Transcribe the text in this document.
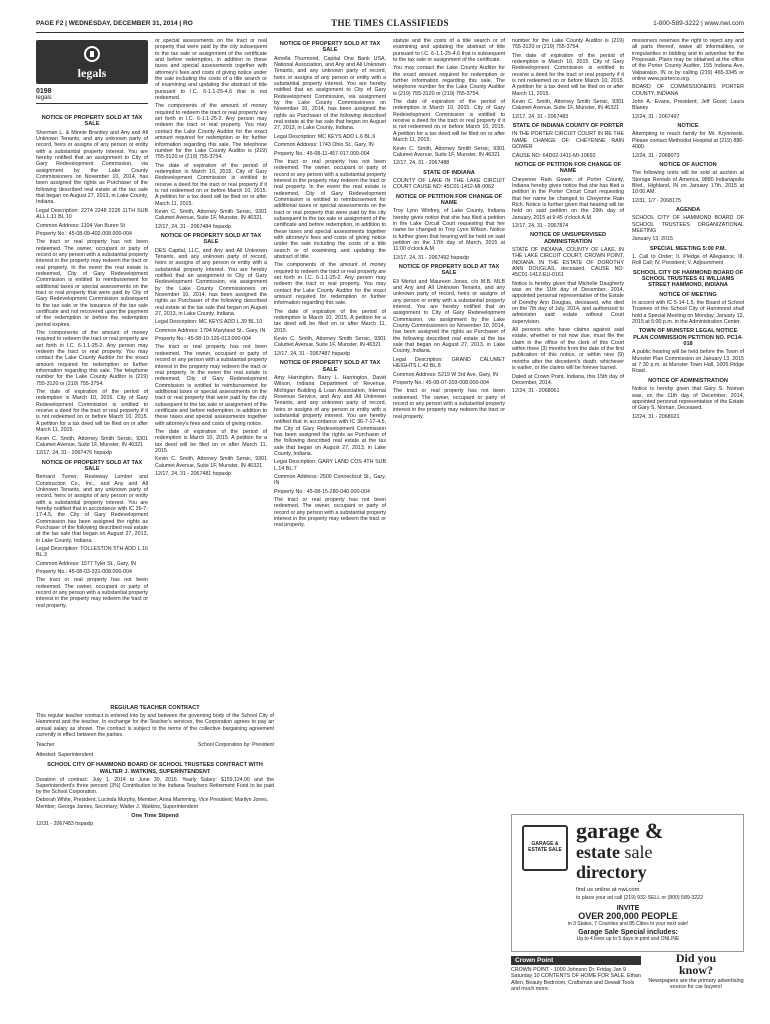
PAGE F2 | WEDNESDAY, DECEMBER 31, 2014 | RO	THE TIMES CLASSIFIEDS	1-800-589-3222 | www.nwi.com
legals
0198
legals

NOTICE OF PROPERTY SOLD AT TAX SALE

Sherman L. & Minnie Brantley and Any and All Unknown Tenants, and any unknown party of record, heirs or assigns of any person or entity with a substantial property interest. You are hereby notified that an assignment to City of Gary Redevelopment Commission, via assignment by the Lake County Commissioners on November 10, 2014, has been assigned the rights as Purchaser of the following described real estate at the tax sale that began on August 27, 2013, in Lake County, Indiana.

Legal Description: 2274 2248 2226 11TH SUB ALL L.11 BL 10

Common Address: 1104 Van Buren St

Property No.: 45-08-09-402-008.000-004

The tract or real property has not been redeemed. The owner, occupant or party of record or any person with a substantial property interest in the property may redeem the tract or real property. In the event the real estate is redeemed, City of Gary Redevelopment Commission is entitled to reimbursement for additional taxes or special assessments on the tract or real property that were paid by City of Gary Redevelopment Commission subsequent to the tax sale or the issuance of the tax sale certificate and not recovered upon the payment of the redemption or before the redemption period expires.

The components of the amount of money required to redeem the tract or real property are set forth in I.C. 6-1.1-25-2. Any person may redeem the tract or real property. You may contact the Lake County Auditor for the exact amount required for redemption or further information regarding this sale. The telephone number for the Lake County Auditor is (219) 755-3120 or (219) 755-3754.

The date of expiration of the period of redemption is March 10, 2015. City of Gary Redevelopment Commission is entitled to receive a deed for the tract or real property if it is not redeemed on or before March 10, 2015. A petition for a tax deed will be filed on or after March 11, 2015.

Kevin C. Smith, Attorney Smith Sersic, 9301 Calumet Avenue, Suite 1F, Munster, IN 46321

12/17, 24, 31 - 2067476 hspaxlp

NOTICE OF PROPERTY SOLD AT TAX SALE

Bernard Turner, Resleway Lumber and Construction Co., Inc., and Any and All Unknown Tenants, and any unknown party of record, heirs or assigns of any person or entity with a substantial property interest. You are hereby notified that in accordance with IC 36-7-17-4.5, the City of Gary Redevelopment Commission has been assigned the rights as Purchaser of the following described real estate at the tax sale that began on August 27, 2013, in Lake County, Indiana.

Legal Description: TOLLESTON 5TH ADD L.16 BL.3

Common Address: 1577 Tyler St., Gary, IN

Property No.: 45-08-03-331-008.000-004

The tract or real property has not been redeemed. The owner, occupant or party of record or any person with a substantial property interest in the property may redeem the tract or real property.

or special assessments on the tract or real property that were paid by the city subsequent to the tax sale or assignment of the certificate and before redemption, in addition to these taxes and special assessments together with attorney's fees and costs of giving notice under the sale including the costs of a title search or of examining and updating the abstract of title pursuant to I.C. 6-1.1-25-4.6 that is not redeemed.

The components of the amount of money required to redeem the tract or real property are set forth in I.C. 6-1.1-25-2. Any person may redeem the tract or real property. You may contact the Lake County Auditor for the exact amount required for redemption or for further information regarding this sale. The telephone number for the Lake County Auditor is (219) 755-3120 or (219) 755-3754.

The date of expiration of the period of redemption is March 10, 2015. City of Gary Redevelopment Commission is entitled to receive a deed for the tract or real property if it is not redeemed on or before March 10, 2015. A petition for a tax deed will be filed on or after March 11, 2015.

Kevin C. Smith, Attorney Smith Sersic, 9301 Calumet Avenue, Suite 1F, Munster, IN 46321

12/17, 24, 31 - 2067484 hspaxlp

NOTICE OF PROPERTY SOLD AT TAX SALE

DES Capital, LLC, and Any and All Unknown Tenants, and any unknown party of record, heirs or assigns of any person or entity with a substantial property interest. You are hereby notified that an assignment to City of Gary Redevelopment Commission, via assignment by the Lake County Commissioners on November 10, 2014, has been assigned the rights as Purchaser of the following described real estate at the tax sale that began on August 27, 2013, in Lake County, Indiana.

Legal Description: MC KEYS ADD L.39 BL.10

Common Address: 1794 Maryland St., Gary, IN

Property No.: 45-08-10-126-013.000-004

The tract or real property has not been redeemed. The owner, occupant or party of record or any person with a substantial property interest in the property may redeem the tract or real property. In the event the real estate is redeemed, City of Gary Redevelopment Commission is entitled to reimbursement for additional taxes or special assessments on the tract or real property that were paid by the city subsequent to the tax sale or assignment of the certificate and before redemption, in addition to these taxes and special assessments together with attorney's fees and costs of giving notice.

The date of expiration of the period of redemption is March 10, 2015. A petition for a tax deed will be filed on or after March 11, 2015.

Kevin C. Smith, Attorney Smith Sersic, 9301 Calumet Avenue, Suite 1F, Munster, IN 46321

12/17, 24, 31 - 2067481 hspaxlp

NOTICE OF PROPERTY SOLD AT TAX SALE

Arnella Thurmond, Capital One Bank USA, National Association, and Any and All Unknown Tenants, and any unknown party of record, heirs or assigns of any person or entity with a substantial property interest. You are hereby notified that an assignment to City of Gary Redevelopment Commission, via assignment by the Lake County Commissioners on November 10, 2014, has been assigned the rights as Purchaser of the following described real estate at the tax sale that began on August 27, 2013, in Lake County, Indiana.

Legal Description: MC KEYS ADD L.6 BL.6

Common Address: 1743 Ohio St., Gary, IN

Property No.: 45-08-11-457-017.000-004

The tract or real property has not been redeemed. The owner, occupant or party of record or any person with a substantial property interest in the property may redeem the tract or real property. In the event the real estate is redeemed, City of Gary Redevelopment Commission is entitled to reimbursement for additional taxes or special assessments on the tract or real property that were paid by the city subsequent to the tax sale or assignment of the certificate and before redemption, in addition to these taxes and special assessments together with attorney's fees and costs of giving notice under the sale including the costs of a title search or of examining and updating the abstract of title.

The components of the amount of money required to redeem the tract or real property are set forth in I.C. 6-1.1-25-2. Any person may redeem the tract or real property. You may contact the Lake County Auditor for the exact amount required for redemption or further information regarding this sale.

The date of expiration of the period of redemption is March 10, 2015. A petition for a tax deed will be filed on or after March 11, 2015.

Kevin C. Smith, Attorney Smith Sersic, 9301 Calumet Avenue, Suite 1F, Munster, IN 46321

12/17, 24, 31 - 2067487 hspaxlp

NOTICE OF PROPERTY SOLD AT TAX SALE

Amy Harrington, Barry L. Harrington, David Wilson, Indiana Department of Revenue, Michigan Building & Loan Association, Internal Revenue Service, and Any and All Unknown Tenants, and any unknown party of record, heirs or assigns of any person or entity with a substantial property interest. You are hereby notified that in accordance with IC 36-7-17-4.5, the City of Gary Redevelopment Commission has been assigned the rights as Purchaser of the following described real estate at the tax sale that began on August 27, 2013, in Lake County, Indiana.

Legal Description: GARY LAND COS 4TH SUB L.14 BL.7

Common Address: 2500 Connecticut St., Gary, IN

Property No.: 45-08-15-280-040.000-004

The tract or real property has not been redeemed. The owner, occupant or party of record or any person with a substantial property interest in the property may redeem the tract or real property.

statute and the costs of a title search or of examining and updating the abstract of title pursuant to I.C. 6-1.1-25-4.6 that is subsequent to the tax sale or assignment of the certificate.

You may contact the Lake County Auditor for the exact amount required for redemption or further information regarding this sale. The telephone number for the Lake County Auditor is (219) 755-3120 or (219) 755-3754.

The date of expiration of the period of redemption is March 10, 2015. City of Gary Redevelopment Commission is entitled to receive a deed for the tract or real property if it is not redeemed on or before March 10, 2015. A petition for a tax deed will be filed on or after March 11, 2015.

Kevin C. Smith, Attorney Smith Sersic, 9301 Calumet Avenue, Suite 1F, Munster, IN 46321

12/17, 24, 31 - 2067488

STATE OF INDIANA

COUNTY OF LAKE IN THE LAKE CIRCUIT COURT CAUSE NO: 45C01-1412-MI-0062

NOTICE OF PETITION FOR CHANGE OF NAME

Troy Lynn Winfrey, of Lake County, Indiana hereby gives notice that she has filed a petition in the Lake Circuit Court requesting that her name be changed to Troy Lynn Wilson. Notice is further given that hearing will be held on said petition on the 17th day of March, 2015 at 11:00 o'clock A.M.

12/17, 24, 31 - 2067492 hspaxlp

NOTICE OF PROPERTY SOLD AT TAX SALE

Eli Merlut and Maureen Jones, c/o M.B. MLB and Any and All Unknown Tenants, and any unknown party of record, heirs or assigns of any person or entity with a substantial property interest. You are hereby notified that an assignment to City of Gary Redevelopment Commission, via assignment by the Lake County Commissioners on November 10, 2014, has been assigned the rights as Purchaser of the following described real estate at the tax sale that began on August 27, 2013, in Lake County, Indiana.

Legal Description: GRAND CALUMET HEIGHTS L.42 BL.8

Common Address: 5219 W 3rd Ave, Gary, IN

Property No.: 45-08-07-203-008.000-004

The tract or real property has not been redeemed. The owner, occupant or party of record or any person with a substantial property interest in the property may redeem the tract or real property.

number for the Lake County Auditor is (219) 755-3120 or (219) 755-3754.

The date of expiration of the period of redemption is March 10, 2015. City of Gary Redevelopment Commission is entitled to receive a deed for the tract or real property if it is not redeemed on or before March 10, 2015. A petition for a tax deed will be filed on or after March 11, 2015.

Kevin C. Smith, Attorney Smith Sersic, 9301 Calumet Avenue, Suite 1F, Munster, IN 46321

12/17, 24, 31 - 2067483

STATE OF INDIANA COUNTY OF PORTER

IN THE PORTER CIRCUIT COURT IN RE THE NAME CHANGE OF: CHEYENNE RAIN GOWER

CAUSE NO: 64D02-1411-MI-10692

NOTICE OF PETITION FOR CHANGE OF NAME

Cheyenne Rain Gower, of Porter County, Indiana hereby gives notice that she has filed a petition in the Porter Circuit Court requesting that her name be changed to Cheyenne Rain Rich. Notice is further given that hearing will be held on said petition on the 29th day of January, 2015 at 9:45 o'clock A.M.

12/17, 24, 31 - 2067874

NOTICE OF UNSUPERVISED ADMINISTRATION

STATE OF INDIANA, COUNTY OF LAKE, IN THE LAKE CIRCUIT COURT, CROWN POINT, INDIANA. IN THE ESTATE OF DOROTHY ANN DOUGLAS, deceased. CAUSE NO: 45C01-1412-EU-0161

Notice is hereby given that Michelle Daugherty was on the 11th day of December, 2014, appointed personal representative of the Estate of Dorothy Ann Douglas, deceased, who died on the 7th day of July, 2014, and authorized to administer said estate without Court supervision.

All persons who have claims against said estate, whether or not now due, must file the claim in the office of the clerk of this Court within three (3) months from the date of the first publication of this notice, or within nine (9) months after the decedent's death, whichever is earlier, or the claims will be forever barred.

Dated at Crown Point, Indiana, this 15th day of December, 2014.

12/24, 31 - 2068061

missioners reserves the right to reject any and all parts thereof, waive all informalities, or irregularities in bidding and to advertise for the Proposals. Plans may be obtained at the office of the Porter County Auditor, 155 Indiana Ave, Valparaiso, IN or by calling (219) 465-3345 or online www.porterco.org.

BOARD OF COMMISSIONERS PORTER COUNTY, INDIANA

John A. Evans, President; Jeff Good; Laura Blaney

12/24, 31 - 2067497

NOTICE

Attempting to reach family for Mr. Krynowski. Please contact Methodist Hospital at (219) 886-4000.

12/24, 31 - 2068073

NOTICE OF AUCTION

The following units will be sold at auction at Storage Rentals of America, 9880 Indianapolis Blvd., Highland, IN on January 17th, 2015 at 10:00 AM.

12/31, 1/7 - 2068175

AGENDA

SCHOOL CITY OF HAMMOND BOARD OF SCHOOL TRUSTEES ORGANIZATIONAL MEETING

January 13, 2015

SPECIAL MEETING 5:00 P.M.

1. Call to Order; II. Pledge of Allegiance; III. Roll Call; IV. President; V. Adjournment

SCHOOL CITY OF HAMMOND BOARD OF SCHOOL TRUSTEES 41 WILLIAMS STREET HAMMOND, INDIANA

NOTICE OF MEETING

In accord with IC 5-14-1.5, the Board of School Trustees of the School City of Hammond shall hold a Special Meeting on Monday, January 12, 2015 at 5:00 p.m. in the Administration Center.

TOWN OF MUNSTER LEGAL NOTICE PLAN COMMISSION PETITION NO. PC14-018

A public hearing will be held before the Town of Munster Plan Commission on January 13, 2015 at 7:30 p.m. at Munster Town Hall, 1005 Ridge Road.

NOTICE OF ADMINISTRATION

Notice is hereby given that Gary S. Noman was, on the 11th day of December, 2014, appointed personal representative of the Estate of Gary S. Noman, Deceased.

12/24, 31 - 2068021

REGULAR TEACHER CONTRACT

This regular teacher contract is entered into by and between the governing body of the School City of Hammond and the teacher. In exchange for the Teacher's services, the Corporation agrees to pay an annual salary as shown. The contract is subject to the terms of the collective bargaining agreement currently in effect between the parties.

Teacher	School Corporation by: President

Attested: Superintendent

SCHOOL CITY OF HAMMOND BOARD OF SCHOOL TRUSTEES CONTRACT WITH WALTER J. WATKINS, SUPERINTENDENT

Duration of contract: July 1, 2014 to June 30, 2016. Yearly Salary: $159,124.00 and the Superintendent's three percent (3%) Contribution to the Indiana Teachers Retirement Fund to be paid by the School Corporation.

Deborah White, President; Lucinda Murphy, Member; Anna Mamming, Vice President; Marilyn Jones, Member; George James, Secretary; Walter J. Watkins, Superintendent

One Time Stipend

12/31 - 2067483 hspaxlp

GARAGE & ESTATE SALE
garage &
estate sale
directory
find us online at nwi.com
to place your ad call (219) 932-SELL or (800) 589-3222
INVITE
OVER 200,000 PEOPLE
in 3 States, 7 Counties and 85 Cities to your next sale!
Garage Sale Special includes:
Up to 4 lines up to 5 days in print and ONLINE
Crown Point
CROWN POINT - 1000 Johnson Dr. Friday Jan 9 Saturday 10 CONTENTS OF HOME FOR SALE. Ethan Allen, Beauty Bedroom, Craftsman and Dewalt Tools and much more.
Did you
know?
Newspapers are the primary advertising source for car buyers!
